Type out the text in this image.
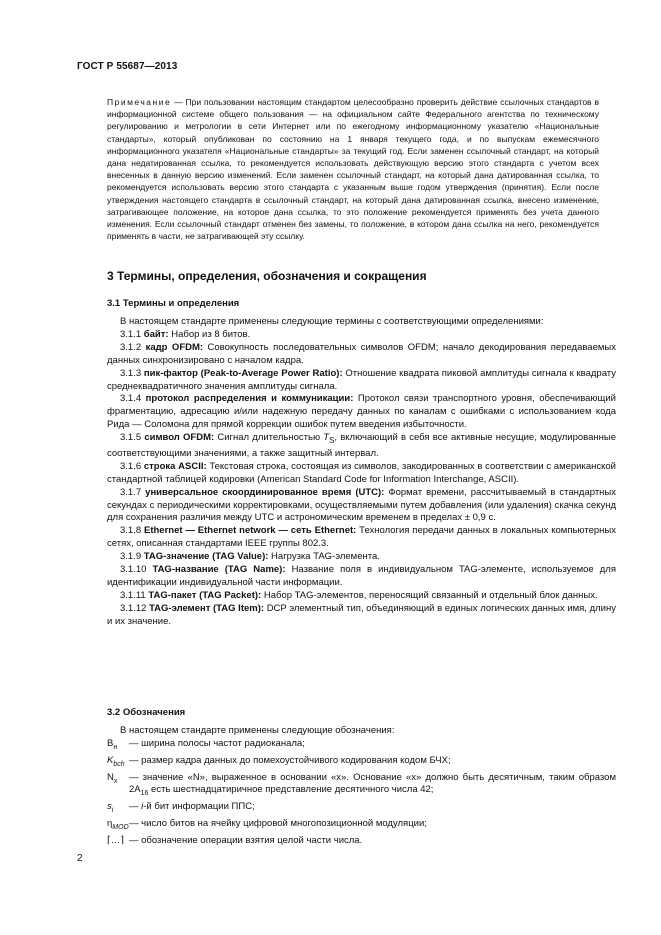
ГОСТ Р 55687—2013

Примечание — При пользовании настоящим стандартом целесообразно проверить действие ссылочных стандартов в информационной системе общего пользования — на официальном сайте Федерального агентства по техническому регулированию и метрологии в сети Интернет или по ежегодному информационному указателю «Национальные стандарты», который опубликован по состоянию на 1 января текущего года, и по выпускам ежемесячного информационного указателя «Национальные стандарты» за текущий год. Если заменен ссылочный стандарт, на который дана недатированная ссылка, то рекомендуется использовать действующую версию этого стандарта с учетом всех внесенных в данную версию изменений. Если заменен ссылочный стандарт, на который дана датированная ссылка, то рекомендуется использовать версию этого стандарта с указанным выше годом утверждения (принятия). Если после утверждения настоящего стандарта в ссылочный стандарт, на который дана датированная ссылка, внесено изменение, затрагивающее положение, на которое дана ссылка, то это положение рекомендуется применять без учета данного изменения. Если ссылочный стандарт отменен без замены, то положение, в котором дана ссылка на него, рекомендуется применять в части, не затрагивающей эту ссылку.

3 Термины, определения, обозначения и сокращения
3.1 Термины и определения

В настоящем стандарте применены следующие термины с соответствующими определениями:

3.1.1 байт: Набор из 8 битов.

3.1.2 кадр OFDM: Совокупность последовательных символов OFDM; начало декодирования передаваемых данных синхронизировано с началом кадра.

3.1.3 пик-фактор (Peak-to-Average Power Ratio): Отношение квадрата пиковой амплитуды сигнала к квадрату среднеквадратичного значения амплитуды сигнала.

3.1.4 протокол распределения и коммуникации: Протокол связи транспортного уровня, обеспечивающий фрагментацию, адресацию и/или надежную передачу данных по каналам с ошибками с использованием кода Рида — Соломона для прямой коррекции ошибок путем введения избыточности.

3.1.5 символ OFDM: Сигнал длительностью $T_S$, включающий в себя все активные несущие, модулированные соответствующими значениями, а также защитный интервал.

3.1.6 строка ASCII: Текстовая строка, состоящая из символов, закодированных в соответствии с американской стандартной таблицей кодировки (American Standard Code for Information Interchange, ASCII).

3.1.7 универсальное скоординированное время (UTC): Формат времени, рассчитываемый в стандартных секундах с периодическими корректировками, осуществляемыми путем добавления (или удаления) скачка секунд для сохранения различия между UTC и астрономическим временем в пределах ± 0,9 с.

3.1.8 Ethernet — Ethernet network — сеть Ethernet: Технология передачи данных в локальных компьютерных сетях, описанная стандартами IEEE группы 802.3.

3.1.9 TAG-значение (TAG Value): Нагрузка TAG-элемента.

3.1.10 TAG-название (TAG Name): Название поля в индивидуальном TAG-элементе, используемое для идентификации индивидуальной части информации.

3.1.11 TAG-пакет (TAG Packet): Набор TAG-элементов, переносящий связанный и отдельный блок данных.

3.1.12 TAG-элемент (TAG Item): DCP элементный тип, объединяющий в единых логических данных имя, длину и их значение.

3.2 Обозначения
В настоящем стандарте применены следующие обозначения:
$B_н$	— ширина полосы частот радиоканала;
$K_{bch}$ — размер кадра данных до помехоустойчивого кодирования кодом БЧХ;
$N_x$	— значение «N», выраженное в основании «x». Основание «x» должно быть десятичным, таким образом $2A_{16}$ есть шестнадцатиричное представление десятичного числа 42;
$s_i$	— i-й бит информации ППС;
$\eta_{MOD}$ — число битов на ячейку цифровой многопозиционной модуляции;
⌈…⌉ — обозначение операции взятия целой части числа.
2
